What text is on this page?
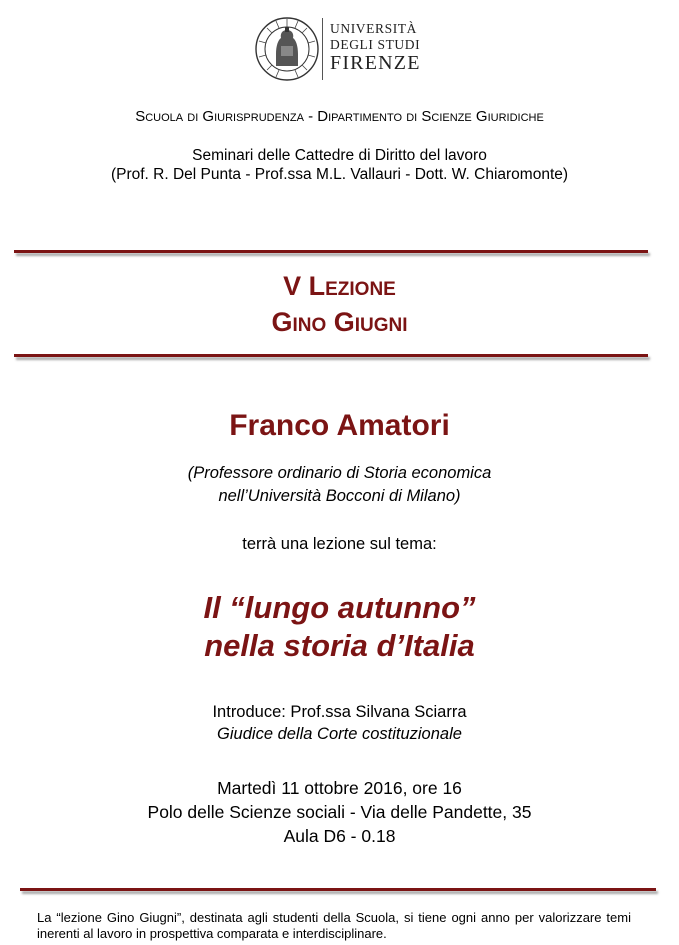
UNIVERSITÀ
DEGLI STUDI
FIRENZE
Scuola di Giurisprudenza - Dipartimento di Scienze Giuridiche
Seminari delle Cattedre di Diritto del lavoro
(Prof. R. Del Punta - Prof.ssa M.L. Vallauri - Dott. W. Chiaromonte)
V Lezione
Gino Giugni
Franco Amatori
(Professore ordinario di Storia economica
nell’Università Bocconi di Milano)
terrà una lezione sul tema:
Il “lungo autunno”
nella storia d’Italia
Introduce: Prof.ssa Silvana Sciarra
Giudice della Corte costituzionale
Martedì 11 ottobre 2016, ore 16
Polo delle Scienze sociali - Via delle Pandette, 35
Aula D6 - 0.18
La “lezione Gino Giugni”, destinata agli studenti della Scuola, si tiene ogni anno per valorizzare temi inerenti al lavoro in prospettiva comparata e interdisciplinare.
